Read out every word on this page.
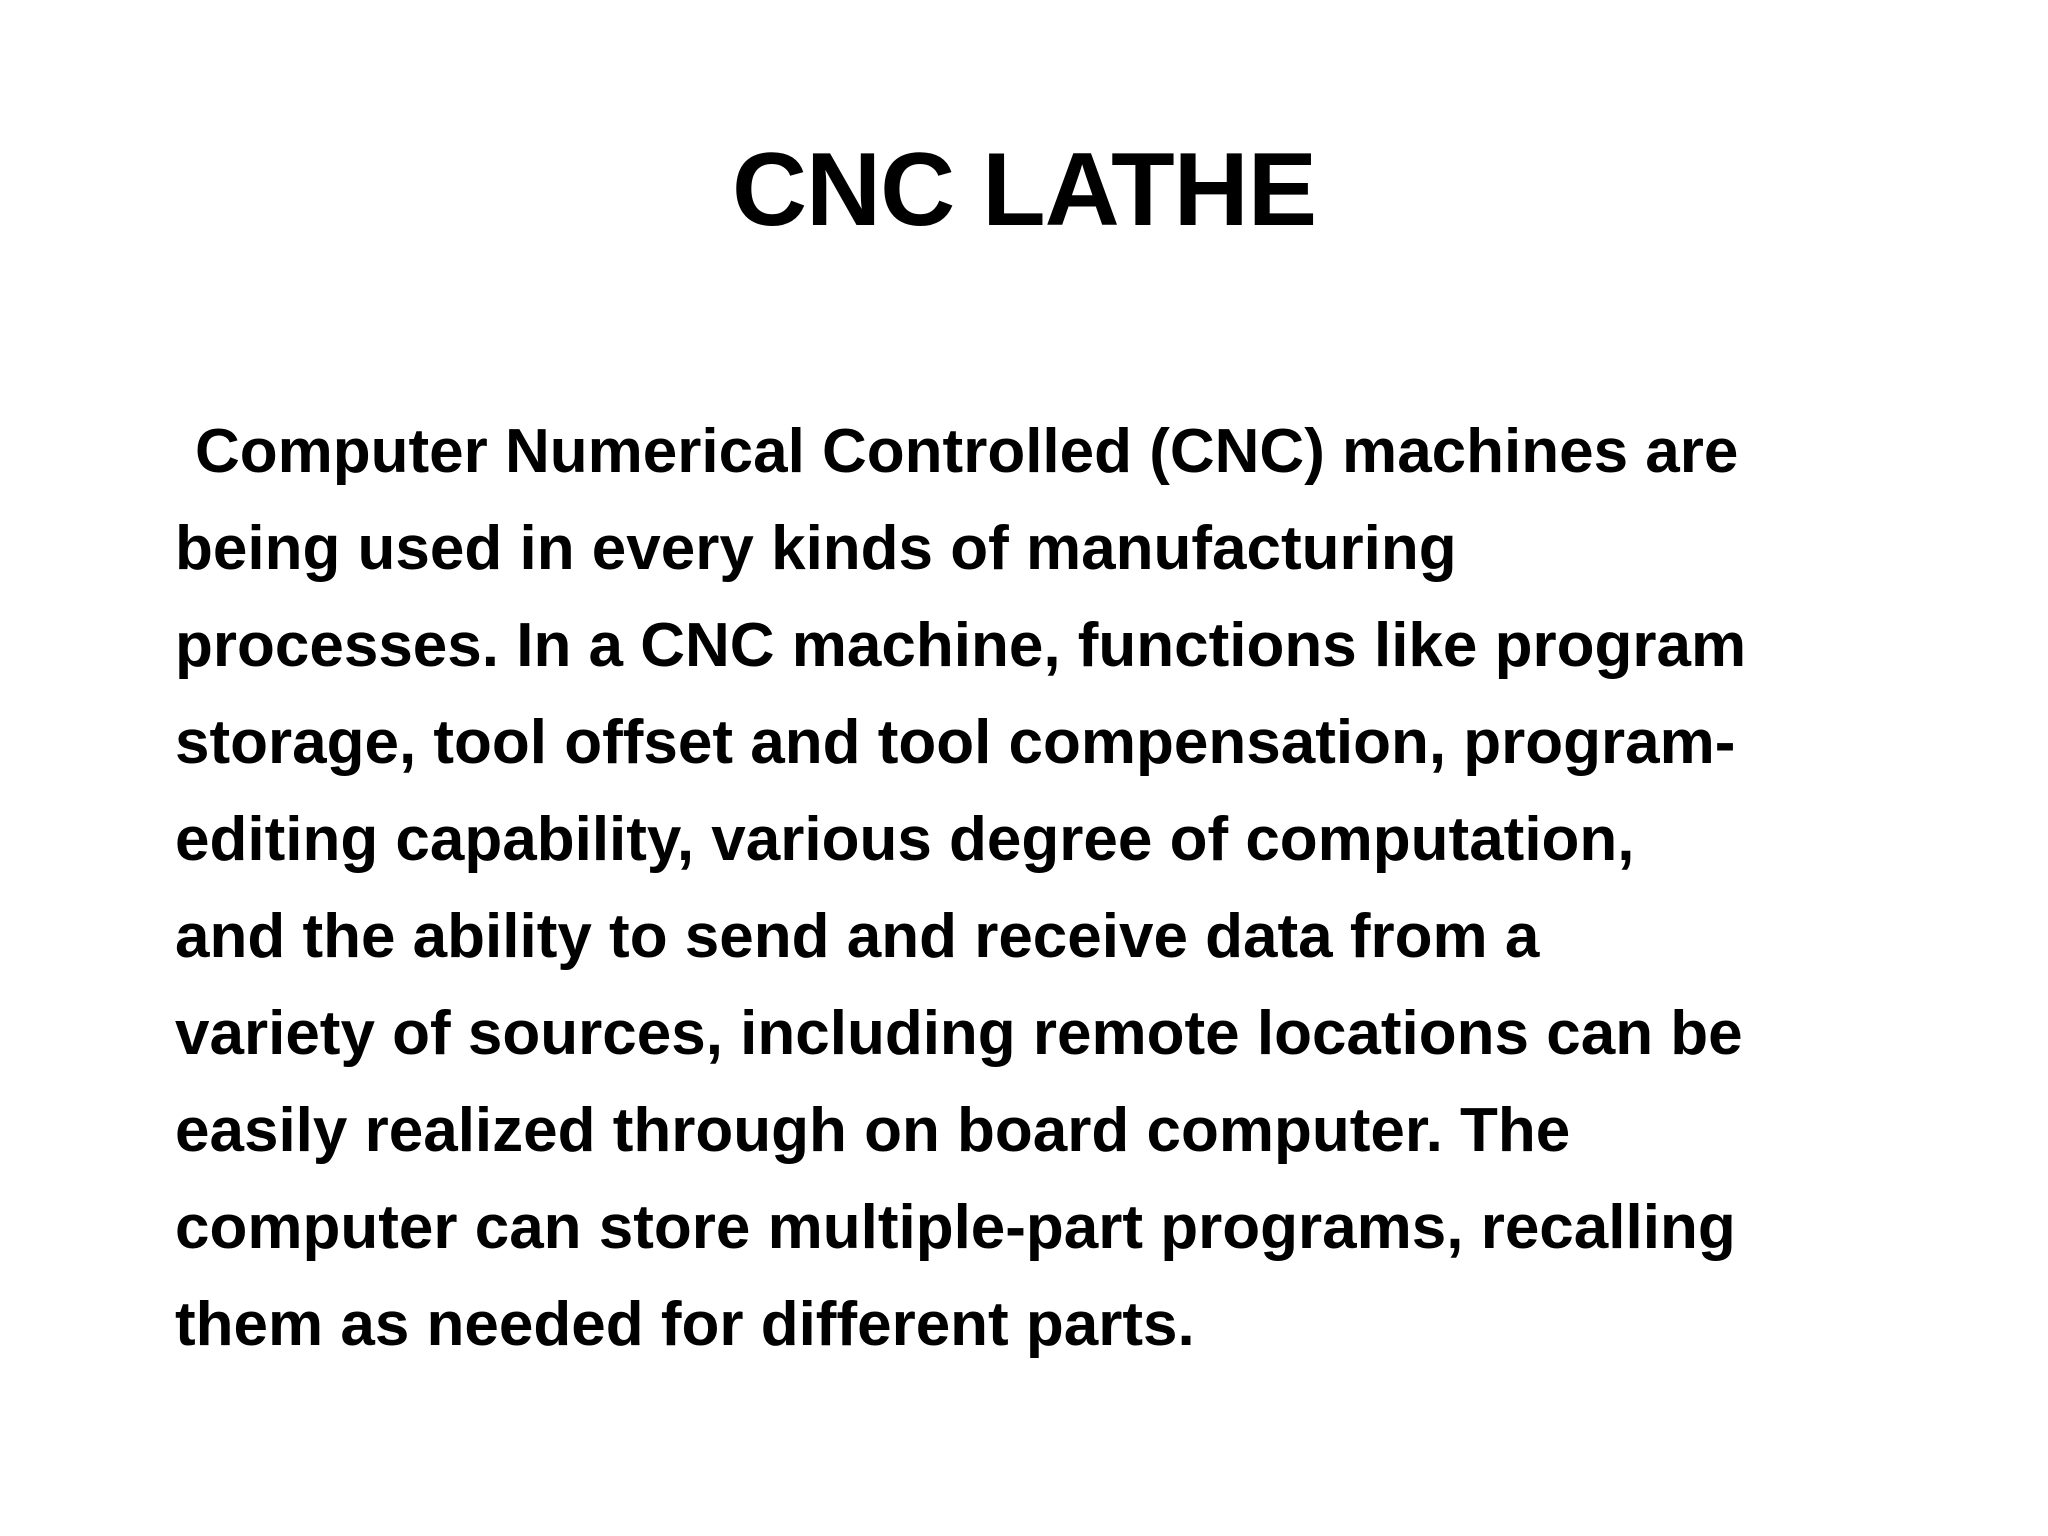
CNC LATHE
Computer Numerical Controlled (CNC) machines are
being used in every kinds of manufacturing
processes. In a CNC machine, functions like program
storage, tool offset and tool compensation, program-
editing capability, various degree of computation,
and the ability to send and receive data from a
variety of sources, including remote locations can be
easily realized through on board computer. The
computer can store multiple-part programs, recalling
them as needed for different parts.
